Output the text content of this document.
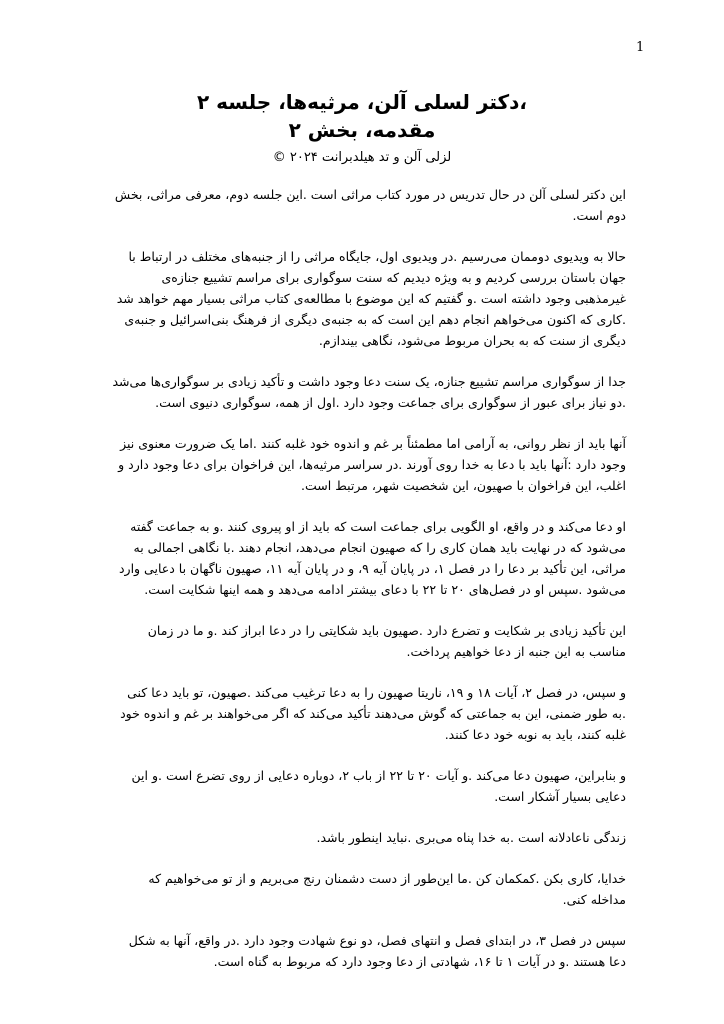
1
،دکتر لسلی آلن، مرثیه‌ها، جلسه ۲
مقدمه، بخش ۲
لزلی آلن و تد هیلدبرانت ۲۰۲۴ ©

این دکتر لسلی آلن در حال تدریس در مورد کتاب مراثی است .این جلسه دوم، معرفی مراثی، بخش دوم است.

حالا به ویدیوی دوممان می‌رسیم .در ویدیوی اول، جایگاه مراثی را از جنبه‌های مختلف در ارتباط با جهان باستان بررسی کردیم و به ویژه دیدیم که سنت سوگواری برای مراسم تشییع جنازه‌ی غیرمذهبی وجود داشته است .و گفتیم که این موضوع با مطالعه‌ی کتاب مراثی بسیار مهم خواهد شد .کاری که اکنون می‌خواهم انجام دهم این است که به جنبه‌ی دیگری از فرهنگ بنی‌اسرائیل و جنبه‌ی دیگری از سنت که به بحران مربوط می‌شود، نگاهی بیندازم.

جدا از سوگواری مراسم تشییع جنازه، یک سنت دعا وجود داشت و تأکید زیادی بر سوگواری‌ها می‌شد .دو نیاز برای عبور از سوگواری برای جماعت وجود دارد .اول از همه، سوگواری دنیوی است.

آنها باید از نظر روانی، به آرامی اما مطمئناً بر غم و اندوه خود غلبه کنند .اما یک ضرورت معنوی نیز وجود دارد :آنها باید با دعا به خدا روی آورند .در سراسر مرثیه‌ها، این فراخوان برای دعا وجود دارد و اغلب، این فراخوان با صهیون، این شخصیت شهر، مرتبط است.

او دعا می‌کند و در واقع، او الگویی برای جماعت است که باید از او پیروی کنند .و به جماعت گفته می‌شود که در نهایت باید همان کاری را که صهیون انجام می‌دهد، انجام دهند .با نگاهی اجمالی به مراثی، این تأکید بر دعا را در فصل ۱، در پایان آیه ۹، و در پایان آیه ۱۱، صهیون ناگهان با دعایی وارد می‌شود .سپس او در فصل‌های ۲۰ تا ۲۲ با دعای بیشتر ادامه می‌دهد و همه اینها شکایت است.

این تأکید زیادی بر شکایت و تضرع دارد .صهیون باید شکایتی را در دعا ابراز کند .و ما در زمان مناسب به این جنبه از دعا خواهیم پرداخت.

و سپس، در فصل ۲، آیات ۱۸ و ۱۹، ناریتا صهیون را به دعا ترغیب می‌کند .صهیون، تو باید دعا کنی .به طور ضمنی، این به جماعتی که گوش می‌دهند تأکید می‌کند که اگر می‌خواهند بر غم و اندوه خود غلبه کنند، باید به نوبه خود دعا کنند.

و بنابراین، صهیون دعا می‌کند .و آیات ۲۰ تا ۲۲ از باب ۲، دوباره دعایی از روی تضرع است .و این دعایی بسیار آشکار است.

زندگی ناعادلانه است .به خدا پناه می‌بری .نباید اینطور باشد.

خدایا، کاری بکن .کمکمان کن .ما این‌طور از دست دشمنان رنج می‌بریم و از تو می‌خواهیم که مداخله کنی.

سپس در فصل ۳، در ابتدای فصل و انتهای فصل، دو نوع شهادت وجود دارد .در واقع، آنها به شکل دعا هستند .و در آیات ۱ تا ۱۶، شهادتی از دعا وجود دارد که مربوط به گناه است.
